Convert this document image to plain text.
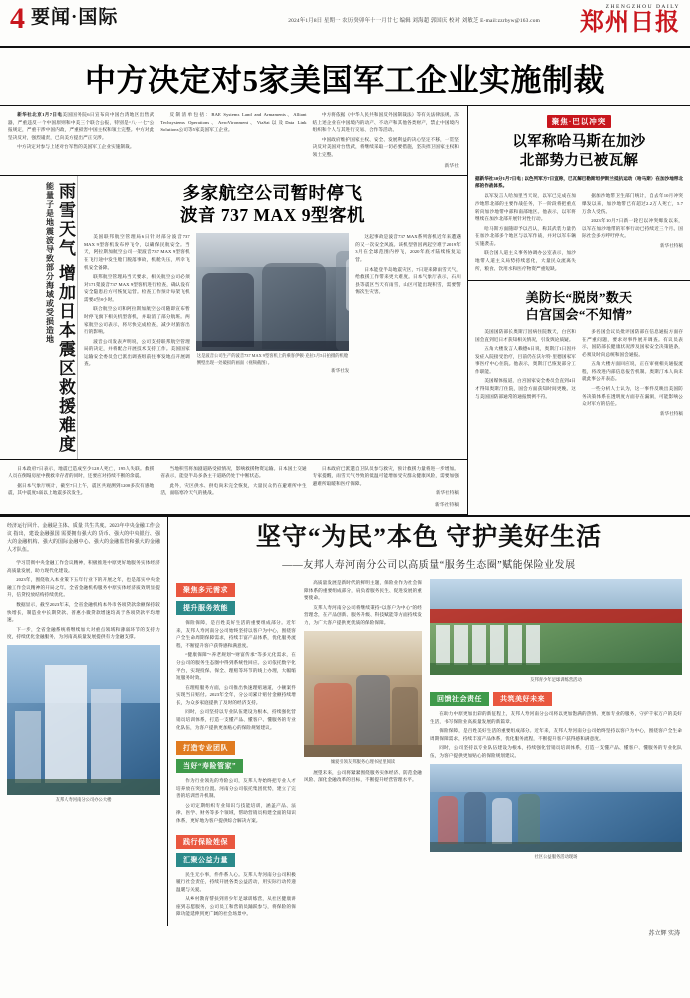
4 要闻·国际	2024年1月8日 星期一 农历癸卯年十一月廿七 编辑 刘海超 郭国庆 校对 刘敏芝 E-mail:zzrbyw@163.com
ZHENGZHOU DAILY
郑州日报
中方决定对5家美国军工企业实施制裁

新华社北京1月7日电美国国务院6日宣布向中国台湾地区出售武器，严重违反一个中国原则和中美三个联合公报，特别是“八·一七”公报规定，严重干涉中国内政，严重损害中国主权和领土完整。中方对此坚决反对，强烈谴责，已向美方提出严正交涉。

中方决定对参与上述对台军售的美国军工企业实施制裁。

反制清单包括：BAE Systems Land and Armaments、Alliant Techsystems Operations、AeroVironment、ViaSat以及Data Link Solutions公司等5家美国军工企业。

中方将依据《中华人民共和国反外国制裁法》等有关法律法规，冻结上述企业在中国境内的动产、不动产和其他各类财产，禁止中国境内组织和个人与其进行交易、合作等活动。

中国政府维护国家主权、安全、发展利益的决心坚定不移，一贯坚决反对美国对台售武，将继续采取一切必要措施，坚决捍卫国家主权和领土完整。

新华社
雨雪天气 增加日本震区救援难度
能量子是地震波导致部分海域或受损造地	多家航空公司暂时停飞
波音 737 MAX 9型客机

美国联邦航空管理局6日针对部分波音737 MAX 9型客机发布停飞令，以确保民航安全。当天，阿拉斯加航空公司一架波音737 MAX 9型客机在飞行途中发生舱门脱落事故，机舱失压，所幸飞机安全备降。

联邦航空管理局当天要求，相关航空公司必须对171架波音737 MAX 9型客机进行检查，确认没有安全隐患后方可恢复运营。检查工作预计每架飞机需要4至8小时。

联合航空公司和阿拉斯加航空公司随即宣布暂时停飞旗下相关机型客机，并取消了部分航班。两家航空公司表示，将尽快完成检查，减少对旅客出行的影响。

波音公司发表声明说，公司支持联邦航空管理局的决定，并将配合开展技术支持工作。美国国家运输安全委员会已派出调查组前往事发地点开展调查。

这是波音公司生产的波音737 MAX 9型客机上的乘客伊顿·克拉1月5日拍摄的机舱侧壁出现一处破损的画面（视频截图）。
新华社发

这起事故是波音737 MAX系列客机近年来遭遇的又一次安全风波。该机型曾因两起空难于2019年3月在全球范围内停飞，2020年底才陆续恢复运营。

日本能登半岛地震灾区，7日迎来降雨雪天气，给救援工作带来更大难度。日本气象厅表示，石川县等震区当天有雨雪，山区可能出现积雪，需要警惕次生灾害。

日本政府7日表示，地震已造成至少128人死亡，195人失联。救援人员在倒塌房屋中搜救幸存者的同时，还要应对持续不断的余震。

据日本气象厅统计，截至7日上午，震区共观测到1200多次有感地震，其中震度5弱以上地震多次发生。

当地积雪将加剧道路受损情况，影响救援物资运输。日本国土交通省表示，能登半岛多条主干道路仍处于中断状态。

此外，灾区供水、供电尚未完全恢复，大量民众仍在避难所中生活，面临寒冷天气的挑战。

日本政府已派遣自卫队员参与救灾，预计救援力量将进一步增加。专家提醒，雨雪天气导致的低温可能增加受灾群众健康风险，需要加强避难所取暖和医疗保障。

新华社特稿
新华社特稿
聚焦·巴以冲突
以军称哈马斯在加沙
北部势力已被瓦解
据新华社30分1月7日电 | 以色列军方7日宣称，已瓦解巴勒斯坦伊斯兰抵抗运动（哈马斯）在加沙地带北部的作战体系。

以军发言人哈加里当天说，以军已完成在加沙地带北部的主要作战任务，下一阶段将把重点转向加沙地带中部和南部地区。他表示，以军将继续在加沙北部开展针对性行动。

哈马斯方面随即予以否认，称其武装力量仍在加沙北部多个地区与以军作战，并对以军车辆实施袭击。

联合国人道主义事务协调办公室表示，加沙地带人道主义局势持续恶化，大量民众流离失所，粮食、饮用水和医疗物资严重短缺。

据加沙地带卫生部门统计，自去年10月冲突爆发以来，加沙地带已有超过2.2万人死亡，5.7万余人受伤。

2023年10月7日新一轮巴以冲突爆发以来，以军在加沙地带的军事行动已持续近三个月。国际社会多方呼吁停火。

新华社特稿
美防长“脱岗”数天
白宫国会“不知情”

美国国防部长奥斯汀因病住院数天，白宫和国会直到近日才获知相关情况，引发舆论质疑。

五角大楼发言人赖德6日说，奥斯汀1日因并发症入院接受治疗，目前仍在沃尔特·里德国家军事医疗中心住院。他表示，奥斯汀已恢复部分工作职能。

美国媒体报道，白宫国家安全委员会直到4日才得知奥斯汀住院，国会方面获知时间更晚。这与美国国防部通常的通报惯例不符。

多名国会议员批评国防部在信息通报方面存在严重问题，要求对事件展开调查。有议员表示，国防部长健康状况涉及国家安全决策链条，必须及时向总统和国会通报。

五角大楼方面回应说，正在审视相关通报流程，将改进内部信息报告机制。奥斯汀本人尚未就此事公开表态。

一些分析人士认为，这一事件反映出美国防务决策体系在透明度方面存在漏洞，可能影响公众对军方的信任。

新华社特稿
经济运行回升、金融是主体、质量 共生共度。2023年中央金融工作会议 指出，建设金融强国 需要拥有强大的 货币、强大的中央银行、强大的金融机构、强大的国际金融中心、强大的金融监管和强大的金融人才队伍。

学习贯彻中央金融工作会议精神，积极推进中原更好地服务实体经济高质量发展，助力现代化建设。

2023年，围绕收入本业策下五年行业下的开展之年，也是落实中央金融工作会议精神的开局之年。全省金融机构服务中原实体经济质效明显提升，信贷投放结构持续优化。

数据显示，截至2023年末，全省金融机构本外币各项贷款余额保持较快增长，制造业中长期贷款、普惠小微贷款增速均高于各项贷款平均增速。

下一步，全省金融系统将继续加大对重点领域和薄弱环节的支持力度，持续优化金融服务，为河南高质量发展提供有力金融支撑。

友邦人寿河南分公司办公大楼
坚守“为民”本色 守护美好生活
——友邦人寿河南分公司以高质量“服务生态圈”赋能保险业发展
聚焦多元需求 提升服务效能

保险保障，是百姓美好生活的重要组成部分。近年来，友邦人寿河南分公司始终坚持以客户为中心，围绕客户全生命周期保障需求，持续丰富产品体系，优化服务流程，不断提升客户获得感和满意度。

“健康保障”“养老规划”“财富传承”等多元化需求，在分公司的服务生态圈中得到系统性回应。公司依托数字化平台，实现投保、保全、理赔等环节的线上办理，大幅缩短服务时效。

在理赔服务方面，公司推出快速理赔通道，小额案件实现当日赔付。2023年全年，分公司累计赔付金额持续增长，为众多家庭提供了及时的经济支持。

同时，公司坚持以专业队伍建设为根本，持续强化营销员培训体系，打造一支懂产品、懂客户、懂服务的专业化队伍，为客户提供更加贴心的保险规划建议。

打造专业团队 当好“寿险管家”

作为行业领先的寿险公司，友邦人寿始终把专业人才培养放在突出位置。河南分公司依托集团优势，建立了完善的培训晋升机制。

公司定期组织专业知识与技能培训，涵盖产品、法律、医学、财务等多个领域，帮助营销员构建全面的知识体系，更好地为客户提供综合解决方案。

践行保险姓保 汇聚公益力量

民生无小事，件件系人心。友邦人寿河南分公司积极履行社会责任，持续开展各类公益活动，用实际行动传递温暖与关爱。

从乡村教育帮扶到青少年足球训练营，从社区健康讲座到志愿服务，公司员工和营销员踊跃参与，将保险的保障功能延伸到更广阔的社会场景中。

高质量发展是新时代的鲜明主题，保险业作为社会保障体系的重要组成部分，肩负着服务民生、促进发展的重要使命。

友邦人寿河南分公司将继续秉持“以客户为中心”的经营理念，在产品创新、服务升级、科技赋能等方面持续发力，为广大客户提供更优质的保险保障。

倾爱引领友邦服务心理书屋里阅读

展望未来，公司将紧紧围绕服务实体经济、防范金融风险、深化金融改革的目标，不断提升经营管理水平。

友邦青少年足球训练营活动
回馈社会责任	共筑美好未来

在助力中原更加出彩的新征程上，友邦人寿河南分公司将以更加饱满的热情、更加专业的服务，守护千家万户的美好生活，书写保险业高质量发展的新篇章。

保险保障，是百姓美好生活的重要组成部分。近年来，友邦人寿河南分公司始终坚持以客户为中心，围绕客户全生命周期保障需求，持续丰富产品体系，优化服务流程，不断提升客户获得感和满意度。

同时，公司坚持以专业队伍建设为根本，持续强化营销员培训体系，打造一支懂产品、懂客户、懂服务的专业化队伍，为客户提供更加贴心的保险规划建议。

社区公益服务活动现场
苏立辉 实涛
